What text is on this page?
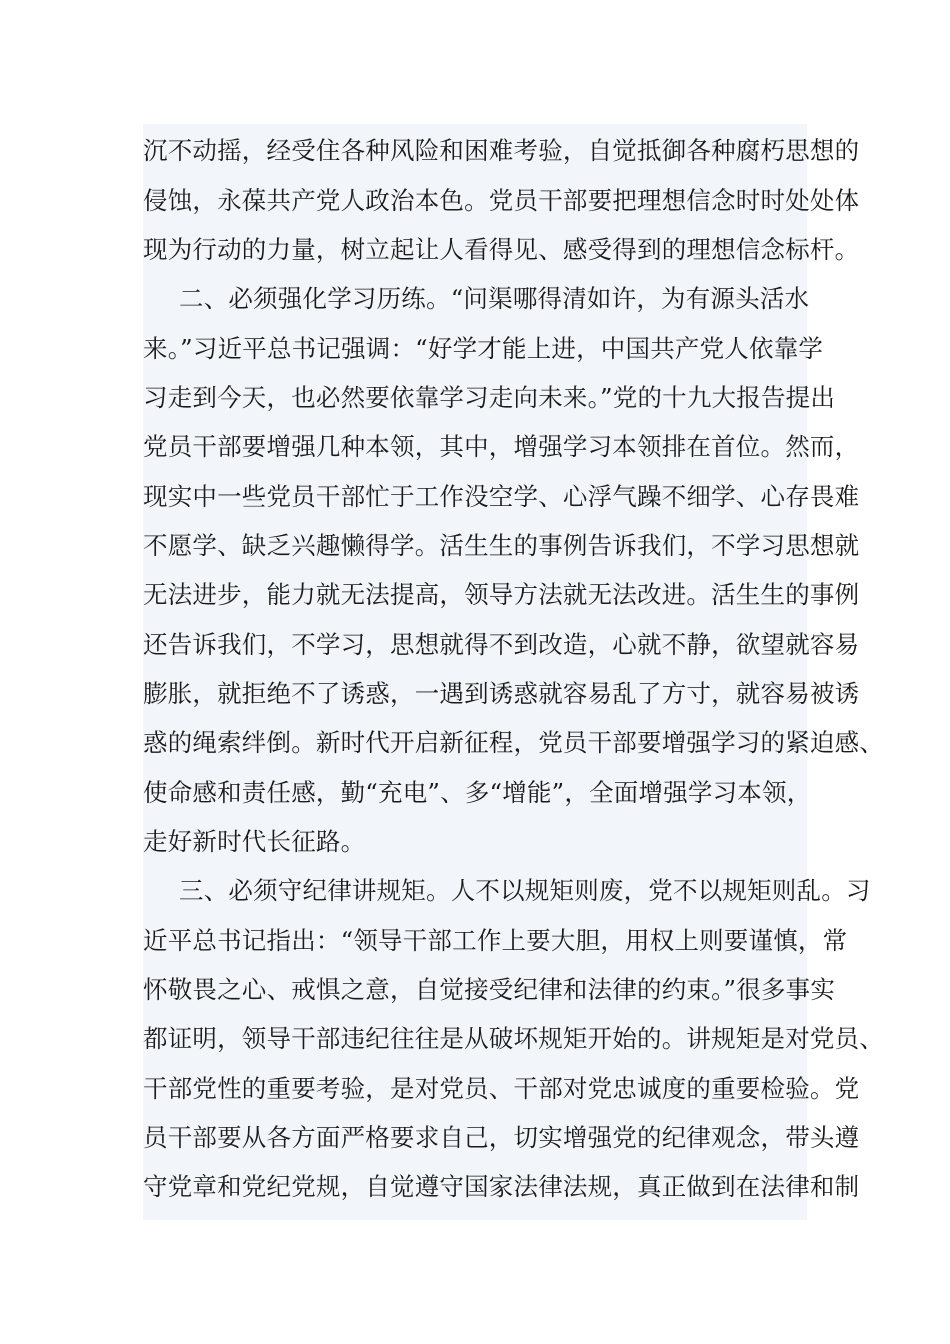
沉不动摇，经受住各种风险和困难考验，自觉抵御各种腐朽思想的
侵蚀，永葆共产党人政治本色。党员干部要把理想信念时时处处体
现为行动的力量，树立起让人看得见、感受得到的理想信念标杆。
二、必须强化学习历练。“问渠哪得清如许，为有源头活水
来。”习近平总书记强调：“好学才能上进，中国共产党人依靠学
习走到今天，也必然要依靠学习走向未来。”党的十九大报告提出
党员干部要增强几种本领，其中，增强学习本领排在首位。然而，
现实中一些党员干部忙于工作没空学、心浮气躁不细学、心存畏难
不愿学、缺乏兴趣懒得学。活生生的事例告诉我们，不学习思想就
无法进步，能力就无法提高，领导方法就无法改进。活生生的事例
还告诉我们，不学习，思想就得不到改造，心就不静，欲望就容易
膨胀，就拒绝不了诱惑，一遇到诱惑就容易乱了方寸，就容易被诱
惑的绳索绊倒。新时代开启新征程，党员干部要增强学习的紧迫感、
使命感和责任感，勤“充电”、多“增能”，全面增强学习本领，
走好新时代长征路。
三、必须守纪律讲规矩。人不以规矩则废，党不以规矩则乱。习
近平总书记指出：“领导干部工作上要大胆，用权上则要谨慎，常
怀敬畏之心、戒惧之意，自觉接受纪律和法律的约束。”很多事实
都证明，领导干部违纪往往是从破坏规矩开始的。讲规矩是对党员、
干部党性的重要考验，是对党员、干部对党忠诚度的重要检验。党
员干部要从各方面严格要求自己，切实增强党的纪律观念，带头遵
守党章和党纪党规，自觉遵守国家法律法规，真正做到在法律和制
